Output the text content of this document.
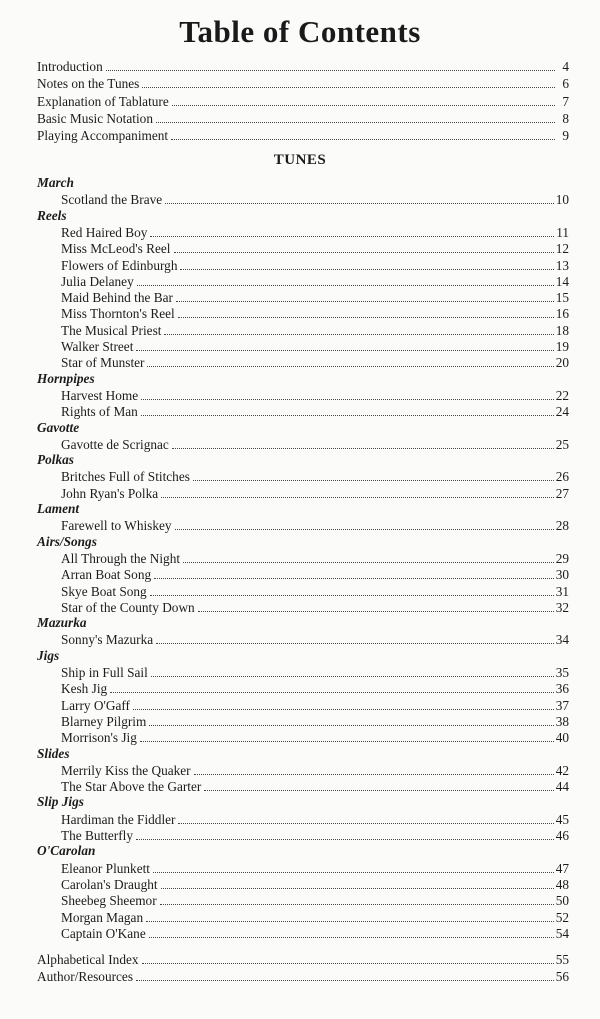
Table of Contents
Introduction	4
Notes on the Tunes	6
Explanation of Tablature	7
Basic Music Notation	8
Playing Accompaniment	9
TUNES
March
Scotland the Brave	10
Reels
Red Haired Boy	11
Miss McLeod's Reel	12
Flowers of Edinburgh	13
Julia Delaney	14
Maid Behind the Bar	15
Miss Thornton's Reel	16
The Musical Priest	18
Walker Street	19
Star of Munster	20
Hornpipes
Harvest Home	22
Rights of Man	24
Gavotte
Gavotte de Scrignac	25
Polkas
Britches Full of Stitches	26
John Ryan's Polka	27
Lament
Farewell to Whiskey	28
Airs/Songs
All Through the Night	29
Arran Boat Song	30
Skye Boat Song	31
Star of the County Down	32
Mazurka
Sonny's Mazurka	34
Jigs
Ship in Full Sail	35
Kesh Jig	36
Larry O'Gaff	37
Blarney Pilgrim	38
Morrison's Jig	40
Slides
Merrily Kiss the Quaker	42
The Star Above the Garter	44
Slip Jigs
Hardiman the Fiddler	45
The Butterfly	46
O'Carolan
Eleanor Plunkett	47
Carolan's Draught	48
Sheebeg Sheemor	50
Morgan Magan	52
Captain O'Kane	54
Alphabetical Index	55
Author/Resources	56
